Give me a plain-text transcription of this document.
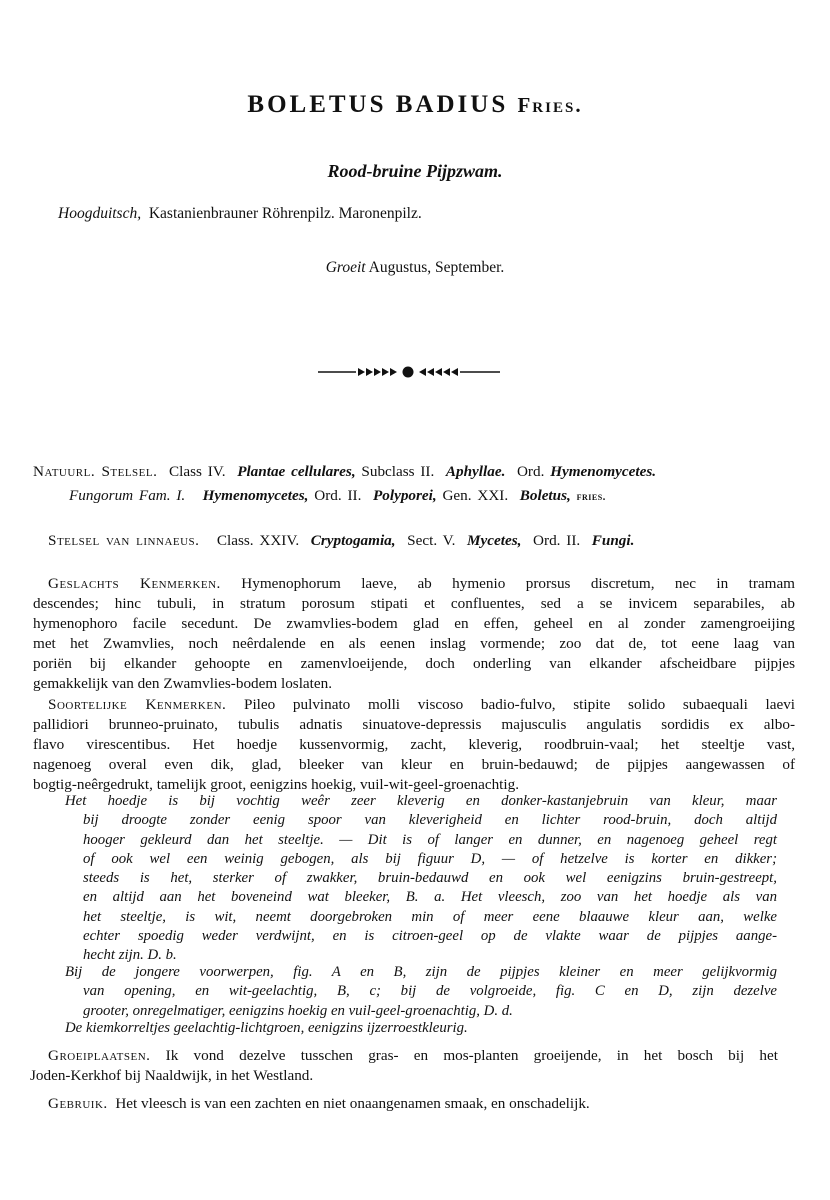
BOLETUS BADIUS Fries.
Rood-bruine Pijpzwam.
Hoogduitsch, Kastanienbrauner Röhrenpilz. Maronenpilz.
Groeit Augustus, September.
Natuurl. Stelsel. Class IV. Plantae cellulares, Subclass II. Aphyllae. Ord. Hymenomycetes.
Fungorum Fam. I. Hymenomycetes, Ord. II. Polyporei, Gen. XXI. Boletus, fries.
Stelsel van linnaeus. Class. XXIV. Cryptogamia, Sect. V. Mycetes, Ord. II. Fungi.
Geslachts Kenmerken. Hymenophorum laeve, ab hymenio prorsus discretum, nec in tramam
descendes; hinc tubuli, in stratum porosum stipati et confluentes, sed a se invicem separabiles, ab
hymenophoro facile secedunt. De zwamvlies-bodem glad en effen, geheel en al zonder zamengroeijing
met het Zwamvlies, noch neêrdalende en als eenen inslag vormende; zoo dat de, tot eene laag van
poriën bij elkander gehoopte en zamenvloeijende, doch onderling van elkander afscheidbare pijpjes
gemakkelijk van den Zwamvlies-bodem loslaten.
Soortelijke Kenmerken. Pileo pulvinato molli viscoso badio-fulvo, stipite solido subaequali laevi
pallidiori brunneo-pruinato, tubulis adnatis sinuatove-depressis majusculis angulatis sordidis ex albo-
flavo virescentibus. Het hoedje kussenvormig, zacht, kleverig, roodbruin-vaal; het steeltje vast,
nagenoeg overal even dik, glad, bleeker van kleur en bruin-bedauwd; de pijpjes aangewassen of
bogtig-neêrgedrukt, tamelijk groot, eenigzins hoekig, vuil-wit-geel-groenachtig.
Het hoedje is bij vochtig weêr zeer kleverig en donker-kastanjebruin van kleur, maar
bij droogte zonder eenig spoor van kleverigheid en lichter rood-bruin, doch altijd
hooger gekleurd dan het steeltje. — Dit is of langer en dunner, en nagenoeg geheel regt
of ook wel een weinig gebogen, als bij figuur D, — of hetzelve is korter en dikker;
steeds is het, sterker of zwakker, bruin-bedauwd en ook wel eenigzins bruin-gestreept,
en altijd aan het boveneind wat bleeker, B. a. Het vleesch, zoo van het hoedje als van
het steeltje, is wit, neemt doorgebroken min of meer eene blaauwe kleur aan, welke
echter spoedig weder verdwijnt, en is citroen-geel op de vlakte waar de pijpjes aange-
hecht zijn. D. b.
Bij de jongere voorwerpen, fig. A en B, zijn de pijpjes kleiner en meer gelijkvormig
van opening, en wit-geelachtig, B, c; bij de volgroeide, fig. C en D, zijn dezelve
grooter, onregelmatiger, eenigzins hoekig en vuil-geel-groenachtig, D. d.
De kiemkorreltjes geelachtig-lichtgroen, eenigzins ijzerroestkleurig.
Groeiplaatsen. Ik vond dezelve tusschen gras- en mos-planten groeijende, in het bosch bij het
Joden-Kerkhof bij Naaldwijk, in het Westland.
Gebruik. Het vleesch is van een zachten en niet onaangenamen smaak, en onschadelijk.
